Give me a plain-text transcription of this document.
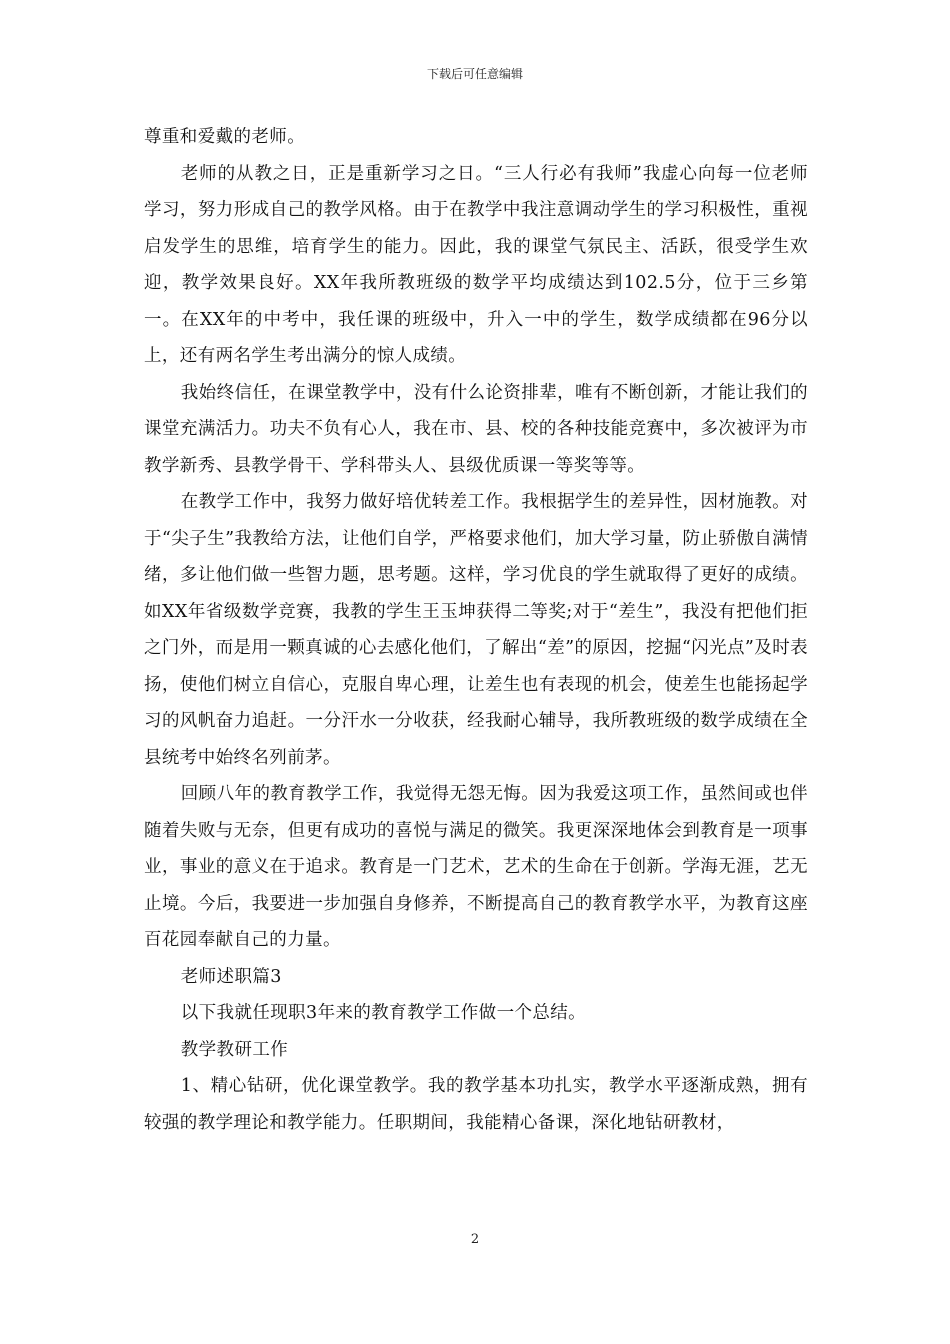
下载后可任意编辑

尊重和爱戴的老师。

老师的从教之日，正是重新学习之日。“三人行必有我师”我虚心向每一位老师学习，努力形成自己的教学风格。由于在教学中我注意调动学生的学习积极性，重视启发学生的思维，培育学生的能力。因此，我的课堂气氛民主、活跃，很受学生欢迎，教学效果良好。XX年我所教班级的数学平均成绩达到102.5分，位于三乡第一。在XX年的中考中，我任课的班级中，升入一中的学生，数学成绩都在96分以上，还有两名学生考出满分的惊人成绩。

我始终信任，在课堂教学中，没有什么论资排辈，唯有不断创新，才能让我们的课堂充满活力。功夫不负有心人，我在市、县、校的各种技能竞赛中，多次被评为市教学新秀、县教学骨干、学科带头人、县级优质课一等奖等等。

在教学工作中，我努力做好培优转差工作。我根据学生的差异性，因材施教。对于“尖子生”我教给方法，让他们自学，严格要求他们，加大学习量，防止骄傲自满情绪，多让他们做一些智力题，思考题。这样，学习优良的学生就取得了更好的成绩。如XX年省级数学竞赛，我教的学生王玉坤获得二等奖;对于“差生”，我没有把他们拒之门外，而是用一颗真诚的心去感化他们，了解出“差”的原因，挖掘“闪光点”及时表扬，使他们树立自信心，克服自卑心理，让差生也有表现的机会，使差生也能扬起学习的风帆奋力追赶。一分汗水一分收获，经我耐心辅导，我所教班级的数学成绩在全县统考中始终名列前茅。

回顾八年的教育教学工作，我觉得无怨无悔。因为我爱这项工作，虽然间或也伴随着失败与无奈，但更有成功的喜悦与满足的微笑。我更深深地体会到教育是一项事业，事业的意义在于追求。教育是一门艺术，艺术的生命在于创新。学海无涯，艺无止境。今后，我要进一步加强自身修养，不断提高自己的教育教学水平，为教育这座百花园奉献自己的力量。

老师述职篇3

以下我就任现职3年来的教育教学工作做一个总结。

教学教研工作

1、精心钻研，优化课堂教学。我的教学基本功扎实，教学水平逐渐成熟，拥有较强的教学理论和教学能力。任职期间，我能精心备课，深化地钻研教材，

2
